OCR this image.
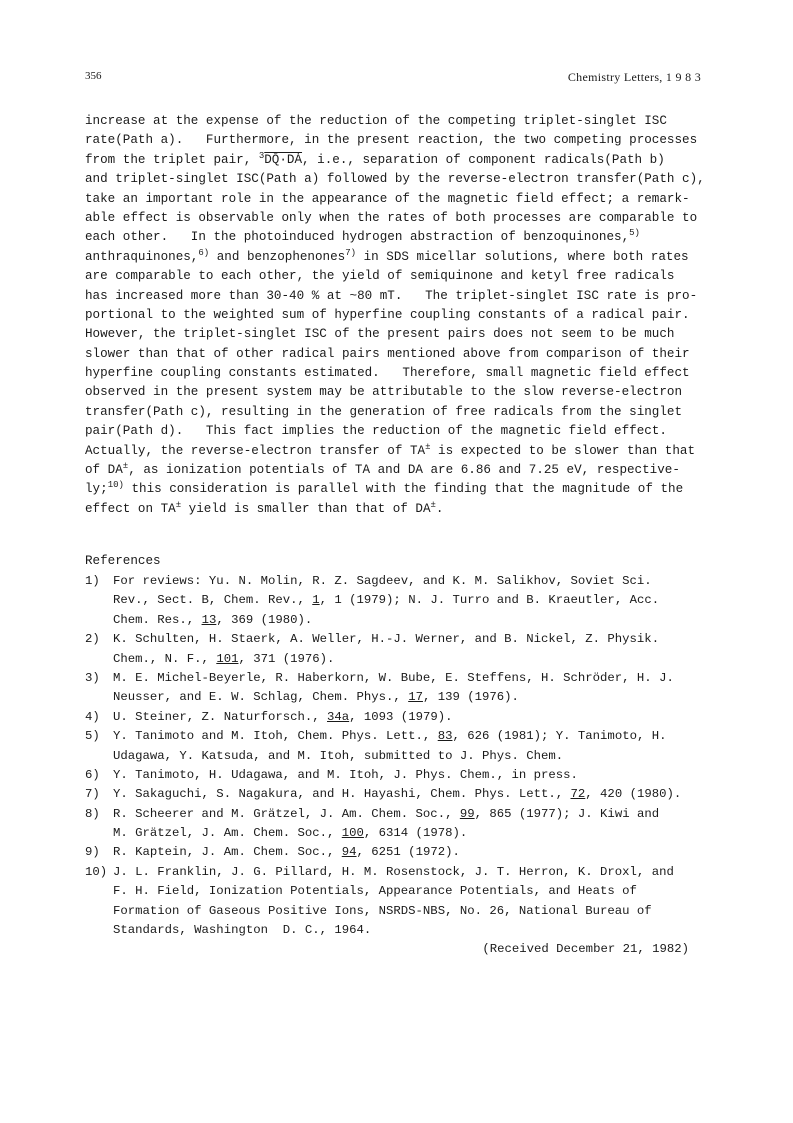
356	Chemistry Letters, 1 9 8 3
increase at the expense of the reduction of the competing triplet-singlet ISC
rate(Path a).   Furthermore, in the present reaction, the two competing processes
from the triplet pair, $^3$DQ̄·DȦ, i.e., separation of component radicals(Path b)
and triplet-singlet ISC(Path a) followed by the reverse-electron transfer(Path c),
take an important role in the appearance of the magnetic field effect; a remark-
able effect is observable only when the rates of both processes are comparable to
each other.   In the photoinduced hydrogen abstraction of benzoquinones,$^{5)}$
anthraquinones,$^{6)}$ and benzophenones$^{7)}$ in SDS micellar solutions, where both rates
are comparable to each other, the yield of semiquinone and ketyl free radicals
has increased more than 30-40 % at ~80 mT.   The triplet-singlet ISC rate is pro-
portional to the weighted sum of hyperfine coupling constants of a radical pair.
However, the triplet-singlet ISC of the present pairs does not seem to be much
slower than that of other radical pairs mentioned above from comparison of their
hyperfine coupling constants estimated.   Therefore, small magnetic field effect
observed in the present system may be attributable to the slow reverse-electron
transfer(Path c), resulting in the generation of free radicals from the singlet
pair(Path d).   This fact implies the reduction of the magnetic field effect.
Actually, the reverse-electron transfer of TA± is expected to be slower than that
of DA±, as ionization potentials of TA and DA are 6.86 and 7.25 eV, respective-
ly;$^{10)}$ this consideration is parallel with the finding that the magnitude of the
effect on TA± yield is smaller than that of DA±.
References
1)	For reviews: Yu. N. Molin, R. Z. Sagdeev, and K. M. Salikhov, Soviet Sci.
Rev., Sect. B, Chem. Rev., 1, 1 (1979); N. J. Turro and B. Kraeutler, Acc.
Chem. Res., 13, 369 (1980).
2)	K. Schulten, H. Staerk, A. Weller, H.-J. Werner, and B. Nickel, Z. Physik.
Chem., N. F., 101, 371 (1976).
3)	M. E. Michel-Beyerle, R. Haberkorn, W. Bube, E. Steffens, H. Schröder, H. J.
Neusser, and E. W. Schlag, Chem. Phys., 17, 139 (1976).
4)	U. Steiner, Z. Naturforsch., 34a, 1093 (1979).
5)	Y. Tanimoto and M. Itoh, Chem. Phys. Lett., 83, 626 (1981); Y. Tanimoto, H.
Udagawa, Y. Katsuda, and M. Itoh, submitted to J. Phys. Chem.
6)	Y. Tanimoto, H. Udagawa, and M. Itoh, J. Phys. Chem., in press.
7)	Y. Sakaguchi, S. Nagakura, and H. Hayashi, Chem. Phys. Lett., 72, 420 (1980).
8)	R. Scheerer and M. Grätzel, J. Am. Chem. Soc., 99, 865 (1977); J. Kiwi and
M. Grätzel, J. Am. Chem. Soc., 100, 6314 (1978).
9)	R. Kaptein, J. Am. Chem. Soc., 94, 6251 (1972).
10) J. L. Franklin, J. G. Pillard, H. M. Rosenstock, J. T. Herron, K. Droxl, and
F. H. Field, Ionization Potentials, Appearance Potentials, and Heats of
Formation of Gaseous Positive Ions, NSRDS-NBS, No. 26, National Bureau of
Standards, Washington  D. C., 1964.
(Received December 21, 1982)
